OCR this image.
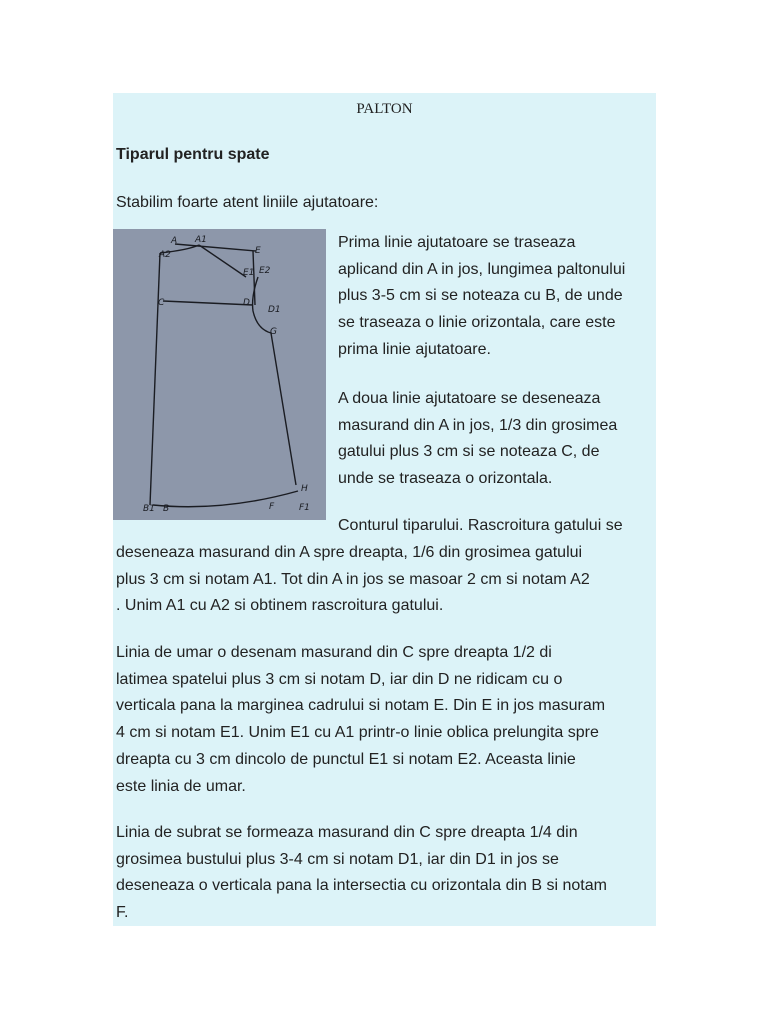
PALTON
Tiparul pentru spate
Stabilim foarte atent liniile ajutatoare:
A A1
A2	E
E1 E2
C	D
D1
G
H
B1 B	F	F1
Prima linie ajutatoare se traseaza
aplicand din A in jos, lungimea paltonului
plus 3-5 cm si se noteaza cu B, de unde
se traseaza o linie orizontala, care este
prima linie ajutatoare.
A doua linie ajutatoare se deseneaza
masurand din A in jos, 1/3 din grosimea
gatului plus 3 cm si se noteaza C, de
unde se traseaza o orizontala.
Conturul tiparului. Rascroitura gatului se
deseneaza masurand din A spre dreapta, 1/6 din grosimea gatului
plus 3 cm si notam A1. Tot din A in jos se masoar 2 cm si notam A2
. Unim A1 cu A2 si obtinem rascroitura gatului.
Linia de umar o desenam masurand din C spre dreapta 1/2 di
latimea spatelui plus 3 cm si notam D, iar din D ne ridicam cu o
verticala pana la marginea cadrului si notam E. Din E in jos masuram
4 cm si notam E1. Unim E1 cu A1 printr-o linie oblica prelungita spre
dreapta cu 3 cm dincolo de punctul E1 si notam E2. Aceasta linie
este linia de umar.
Linia de subrat se formeaza masurand din C spre dreapta 1/4 din
grosimea bustului plus 3-4 cm si notam D1, iar din D1 in jos se
deseneaza o verticala pana la intersectia cu orizontala din B si notam
F.
